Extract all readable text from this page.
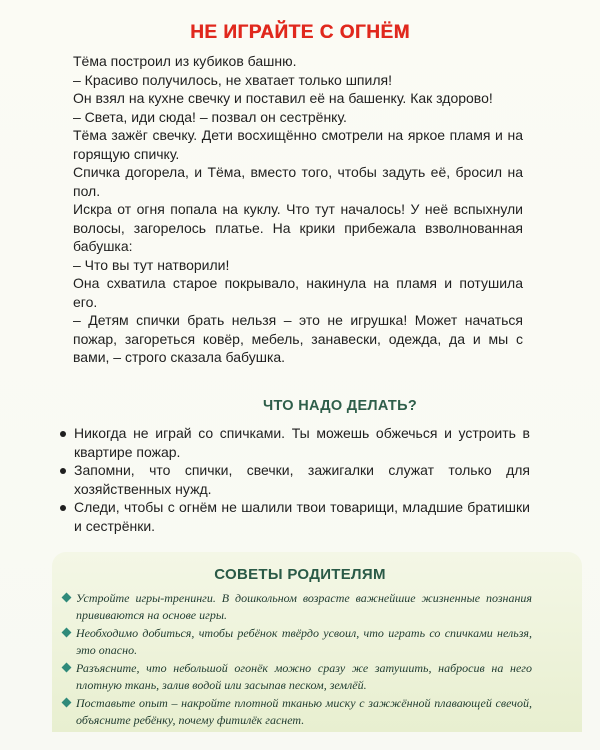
НЕ ИГРАЙТЕ С ОГНЁМ

Тёма построил из кубиков башню.

– Красиво получилось, не хватает только шпиля!

Он взял на кухне свечку и поставил её на башенку. Как здорово!

– Света, иди сюда! – позвал он сестрёнку.

Тёма зажёг свечку. Дети восхищённо смотрели на яркое пламя и на горящую спичку.

Спичка догорела, и Тёма, вместо того, чтобы задуть её, бросил на пол.

Искра от огня попала на куклу. Что тут началось! У неё вспыхнули волосы, загорелось платье. На крики прибежала взволнованная бабушка:

– Что вы тут натворили!

Она схватила старое покрывало, накинула на пламя и потушила его.

– Детям спички брать нельзя – это не игрушка! Может начаться пожар, загореться ковёр, мебель, занавески, одежда, да и мы с вами, – строго сказала бабушка.

ЧТО НАДО ДЕЛАТЬ?
Никогда не играй со спичками. Ты можешь обжечься и устроить в квартире пожар.
Запомни, что спички, свечки, зажигалки служат только для хозяйственных нужд.
Следи, чтобы с огнём не шалили твои товарищи, младшие братишки и сестрёнки.
СОВЕТЫ РОДИТЕЛЯМ
Устройте игры-тренинги. В дошкольном возрасте важнейшие жизненные познания прививаются на основе игры.
Необходимо добиться, чтобы ребёнок твёрдо усвоил, что играть со спичками нельзя, это опасно.
Разъясните, что небольшой огонёк можно сразу же затушить, набросив на него плотную ткань, залив водой или засыпав песком, землёй.
Поставьте опыт – накройте плотной тканью миску с зажжённой плавающей свечой, объясните ребёнку, почему фитилёк гаснет.
